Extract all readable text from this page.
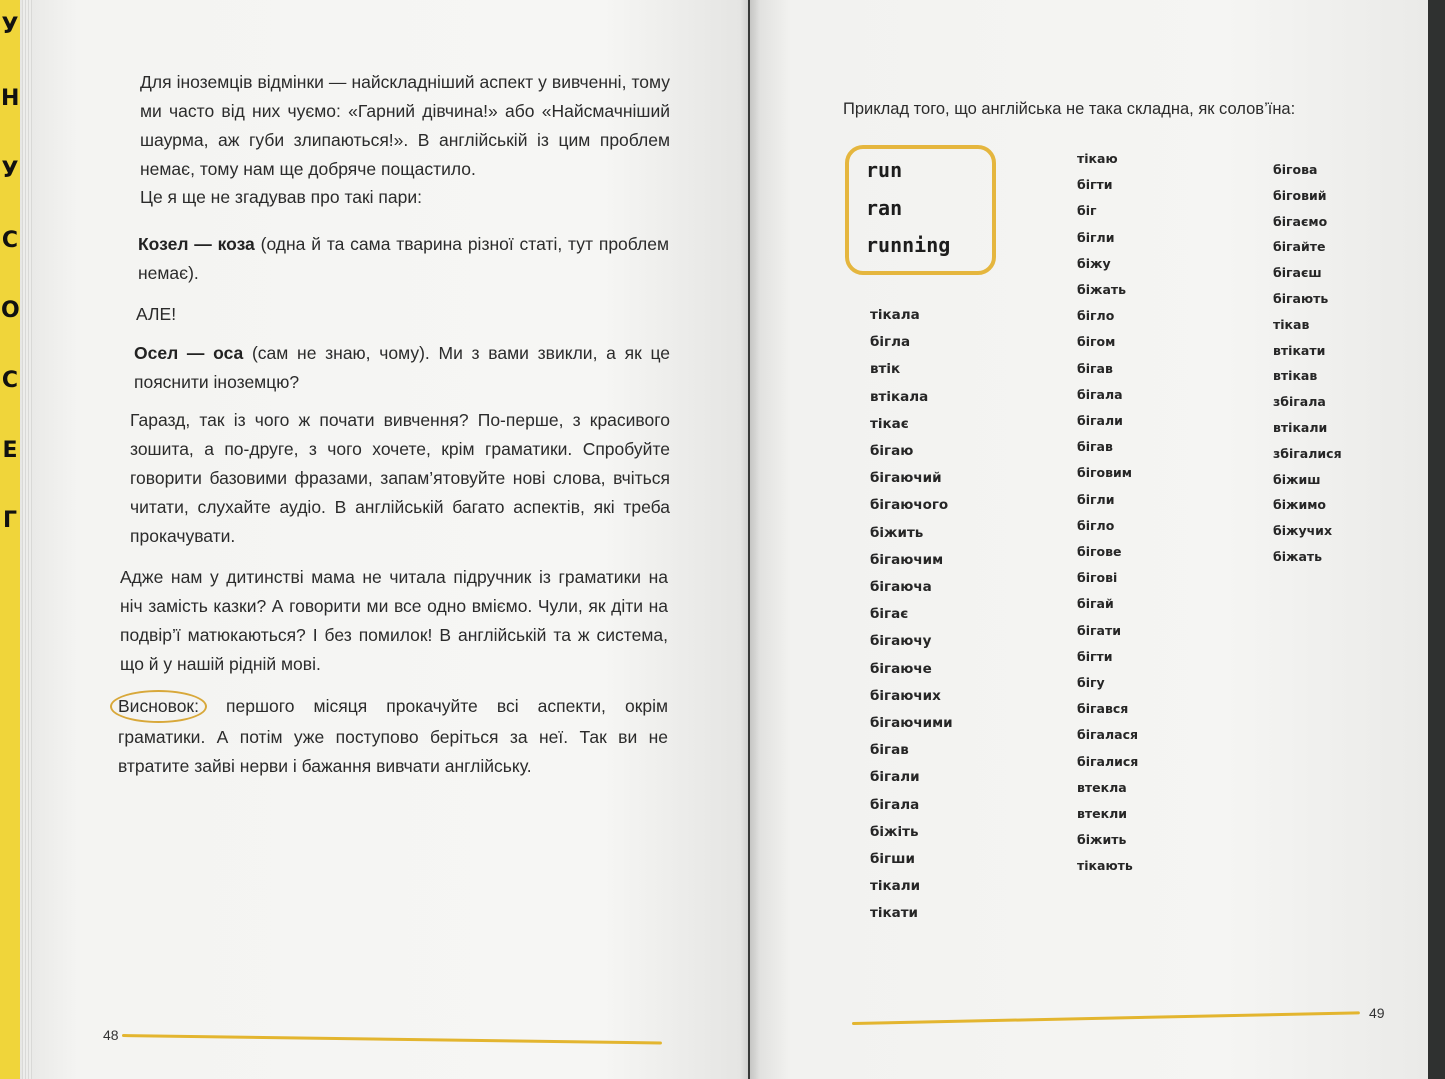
У
Н
У
С
О
С
Е
Г

Для іноземців відмінки — найскладніший аспект у вивченні, тому ми часто від них чуємо: «Гарний дівчина!» або «Найсмачніший шаурма, аж губи злипаються!». В англійській із цим проблем немає, тому нам ще добряче пощастило.

Це я ще не згадував про такі пари:

Козел — коза (одна й та сама тварина різної статі, тут проблем немає).

АЛЕ!

Осел — оса (сам не знаю, чому). Ми з вами звикли, а як це пояснити іноземцю?

Гаразд, так із чого ж почати вивчення? По-перше, з красивого зошита, а по-друге, з чого хочете, крім граматики. Спробуйте говорити базовими фразами, запам’ятовуйте нові слова, вчіться читати, слухайте аудіо. В англійській багато аспектів, які треба прокачувати.

Адже нам у дитинстві мама не читала підручник із граматики на ніч замість казки? А говорити ми все одно вміємо. Чули, як діти на подвір’ї матюкаються? І без помилок! В англійській та ж система, що й у нашій рідній мові.

Висновок: першого місяця прокачуйте всі аспекти, окрім граматики. А потім уже поступово беріться за неї. Так ви не втратите зайві нерви і бажання вивчати англійську.

48

Приклад того, що англійська не така складна, як солов’їна:

run
ran
running
тікала
бігла
втік
втікала
тікає
бігаю
бігаючий
бігаючого
біжить
бігаючим
бігаюча
бігає
бігаючу
бігаюче
бігаючих
бігаючими
бігав
бігали
бігала
біжіть
бігши
тікали
тікати
тікаю
бігти
біг
бігли
біжу
біжать
бігло
бігом
бігав
бігала
бігали
бігав
біговим
бігли
бігло
бігове
бігові
бігай
бігати
бігти
бігу
бігався
бігалася
бігалися
втекла
втекли
біжить
тікають
бігова
біговий
бігаємо
бігайте
бігаєш
бігають
тікав
втікати
втікав
збігала
втікали
збігалися
біжиш
біжимо
біжучих
біжать
49
